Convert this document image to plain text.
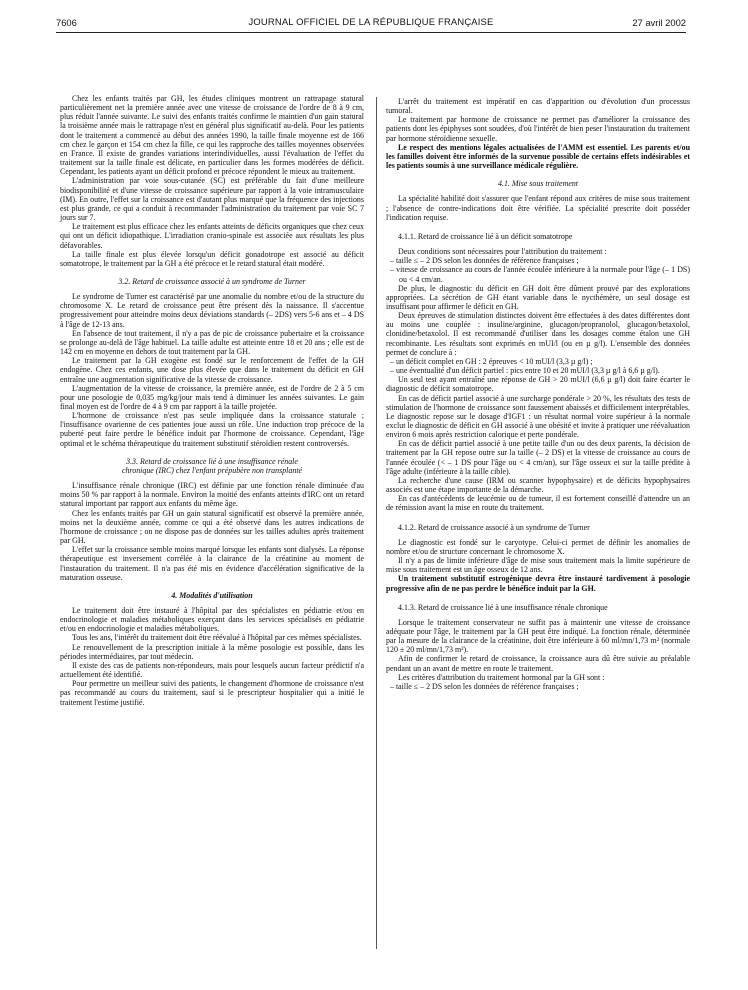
7606	JOURNAL OFFICIEL DE LA RÉPUBLIQUE FRANÇAISE	27 avril 2002

Chez les enfants traités par GH, les études cliniques montrent un rattrapage statural particulièrement net la première année avec une vitesse de croissance de l'ordre de 8 à 9 cm, plus réduit l'année suivante. Le suivi des enfants traités confirme le maintien d'un gain statural la troisième année mais le rattrapage n'est en général plus significatif au-delà. Pour les patients dont le traitement a commencé au début des années 1990, la taille finale moyenne est de 166 cm chez le garçon et 154 cm chez la fille, ce qui les rapproche des tailles moyennes observées en France. Il existe de grandes variations interindividuelles, aussi l'évaluation de l'effet du traitement sur la taille finale est délicate, en particulier dans les formes modérées de déficit. Cependant, les patients ayant un déficit profond et précoce répondent le mieux au traitement.

L'administration par voie sous-cutanée (SC) est préférable du fait d'une meilleure biodisponibilité et d'une vitesse de croissance supérieure par rapport à la voie intramusculaire (IM). En outre, l'effet sur la croissance est d'autant plus marqué que la fréquence des injections est plus grande, ce qui a conduit à recommander l'administration du traitement par voie SC 7 jours sur 7.

Le traitement est plus efficace chez les enfants atteints de déficits organiques que chez ceux qui ont un déficit idiopathique. L'irradiation cranio-spinale est associée aux résultats les plus défavorables.

La taille finale est plus élevée lorsqu'un déficit gonadotrope est associé au déficit somatotrope, le traitement par la GH a été précoce et le retard statural était modéré.

3.2. Retard de croissance associé à un syndrome de Turner

Le syndrome de Turner est caractérisé par une anomalie du nombre et/ou de la structure du chromosome X. Le retard de croissance peut être présent dès la naissance. Il s'accentue progressivement pour atteindre moins deux déviations standards (– 2DS) vers 5-6 ans et – 4 DS à l'âge de 12-13 ans.

En l'absence de tout traitement, il n'y a pas de pic de croissance pubertaire et la croissance se prolonge au-delà de l'âge habituel. La taille adulte est atteinte entre 18 et 20 ans ; elle est de 142 cm en moyenne en dehors de tout traitement par la GH.

Le traitement par la GH exogène est fondé sur le renforcement de l'effet de la GH endogène. Chez ces enfants, une dose plus élevée que dans le traitement du déficit en GH entraîne une augmentation significative de la vitesse de croissance.

L'augmentation de la vitesse de croissance, la première année, est de l'ordre de 2 à 5 cm pour une posologie de 0,035 mg/kg/jour mais tend à diminuer les années suivantes. Le gain final moyen est de l'ordre de 4 à 9 cm par rapport à la taille projetée.

L'hormone de croissance n'est pas seule impliquée dans la croissance staturale ; l'insuffisance ovarienne de ces patientes joue aussi un rôle. Une induction trop précoce de la puberté peut faire perdre le bénéfice induit par l'hormone de croissance. Cependant, l'âge optimal et le schéma thérapeutique du traitement substitutif stéroïdien restent controversés.

3.3. Retard de croissance lié à une insuffisance rénale
chronique (IRC) chez l'enfant prépubère non transplanté

L'insuffisance rénale chronique (IRC) est définie par une fonction rénale diminuée d'au moins 50 % par rapport à la normale. Environ la moitié des enfants atteints d'IRC ont un retard statural important par rapport aux enfants du même âge.

Chez les enfants traités par GH un gain statural significatif est observé la première année, moins net la deuxième année, comme ce qui a été observé dans les autres indications de l'hormone de croissance ; on ne dispose pas de données sur les tailles adultes après traitement par GH.

L'effet sur la croissance semble moins marqué lorsque les enfants sont dialysés. La réponse thérapeutique est inversement corrélée à la clairance de la créatinine au moment de l'instauration du traitement. Il n'a pas été mis en évidence d'accélération significative de la maturation osseuse.

4. Modalités d'utilisation

Le traitement doit être instauré à l'hôpital par des spécialistes en pédiatrie et/ou en endocrinologie et maladies métaboliques exerçant dans les services spécialisés en pédiatrie et/ou en endocrinologie et maladies métaboliques.

Tous les ans, l'intérêt du traitement doit être réévalué à l'hôpital par ces mêmes spécialistes.

Le renouvellement de la prescription initiale à la même posologie est possible, dans les périodes intermédiaires, par tout médecin.

Il existe des cas de patients non-répondeurs, mais pour lesquels aucun facteur prédictif n'a actuellement été identifié.

Pour permettre un meilleur suivi des patients, le changement d'hormone de croissance n'est pas recommandé au cours du traitement, sauf si le prescripteur hospitalier qui a initié le traitement l'estime justifié.

L'arrêt du traitement est impératif en cas d'apparition ou d'évolution d'un processus tumoral.

Le traitement par hormone de croissance ne permet pas d'améliorer la croissance des patients dont les épiphyses sont soudées, d'où l'intérêt de bien peser l'instauration du traitement par hormone stéroïdienne sexuelle.

Le respect des mentions légales actualisées de l'AMM est essentiel. Les parents et/ou les familles doivent être informés de la survenue possible de certains effets indésirables et les patients soumis à une surveillance médicale régulière.

4.1. Mise sous traitement

La spécialité habilité doit s'assurer que l'enfant répond aux critères de mise sous traitement ; l'absence de contre-indications doit être vérifiée. La spécialité prescrite doit posséder l'indication requise.

4.1.1. Retard de croissance lié à un déficit somatotrope

Deux conditions sont nécessaires pour l'attribution du traitement :

– taille ≤ – 2 DS selon les données de référence françaises ;
– vitesse de croissance au cours de l'année écoulée inférieure à la normale pour l'âge (– 1 DS) ou < 4 cm/an.

De plus, le diagnostic du déficit en GH doit être dûment prouvé par des explorations appropriées. La sécrétion de GH étant variable dans le nycthémère, un seul dosage est insuffisant pour affirmer le déficit en GH.

Deux épreuves de stimulation distinctes doivent être effectuées à des dates différentes dont au moins une couplée : insuline/arginine, glucagon/propranolol, glucagon/betaxolol, clonidine/betaxolol. Il est recommandé d'utiliser dans les dosages comme étalon une GH recombinante. Les résultats sont exprimés en mUI/l (ou en µ g/l). L'ensemble des données permet de conclure à :

– un déficit complet en GH : 2 épreuves < 10 mUI/l (3,3 µ g/l) ;
– une éventualité d'un déficit partiel : pics entre 10 et 20 mUI/l (3,3 µ g/l à 6,6 µ g/l).

Un seul test ayant entraîné une réponse de GH > 20 mUI/l (6,6 µ g/l) doit faire écarter le diagnostic de déficit somatotrope.

En cas de déficit partiel associé à une surcharge pondérale > 20 %, les résultats des tests de stimulation de l'hormone de croissance sont faussement abaissés et difficilement interprétables. Le diagnostic repose sur le dosage d'IGF1 : un résultat normal voire supérieur à la normale exclut le diagnostic de déficit en GH associé à une obésité et invite à pratiquer une réévaluation environ 6 mois après restriction calorique et perte pondérale.

En cas de déficit partiel associé à une petite taille d'un ou des deux parents, la décision de traitement par la GH repose outre sur la taille (– 2 DS) et la vitesse de croissance au cours de l'année écoulée (< – 1 DS pour l'âge ou < 4 cm/an), sur l'âge osseux et sur la taille prédite à l'âge adulte (inférieure à la taille cible).

La recherche d'une cause (IRM ou scanner hypophysaire) et de déficits hypophysaires associés est une étape importante de la démarche.

En cas d'antécédents de leucémie ou de tumeur, il est fortement conseillé d'attendre un an de rémission avant la mise en route du traitement.

4.1.2. Retard de croissance associé à un syndrome de Turner

Le diagnostic est fondé sur le caryotype. Celui-ci permet de définir les anomalies de nombre et/ou de structure concernant le chromosome X.

Il n'y a pas de limite inférieure d'âge de mise sous traitement mais la limite supérieure de mise sous traitement est un âge osseux de 12 ans.

Un traitement substitutif estrogénique devra être instauré tardivement à posologie progressive afin de ne pas perdre le bénéfice induit par la GH.

4.1.3. Retard de croissance lié à une insuffisance rénale chronique

Lorsque le traitement conservateur ne suffit pas à maintenir une vitesse de croissance adéquate pour l'âge, le traitement par la GH peut être indiqué. La fonction rénale, déterminée par la mesure de la clairance de la créatinine, doit être inférieure à 60 ml/mn/1,73 m² (normale 120 ± 20 ml/mn/1,73 m²).

Afin de confirmer le retard de croissance, la croissance aura dû être suivie au préalable pendant un an avant de mettre en route le traitement.

Les critères d'attribution du traitement hormonal par la GH sont :

– taille ≤ – 2 DS selon les données de référence françaises ;
